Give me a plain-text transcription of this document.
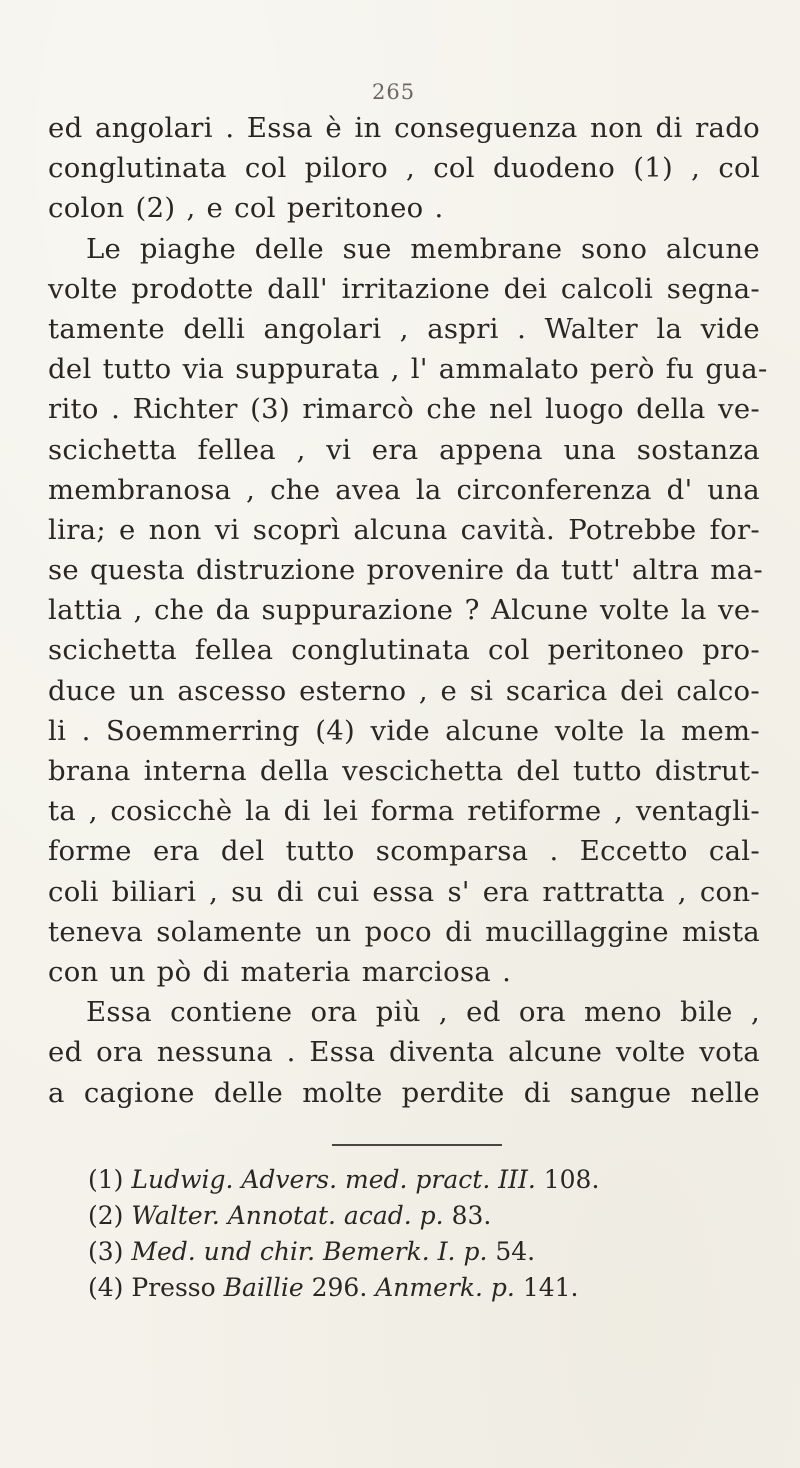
265
ed angolari . Essa è in conseguenza non di rado
conglutinata col piloro , col duodeno (1) , col
colon (2) , e col peritoneo .
Le piaghe delle sue membrane sono alcune
volte prodotte dall' irritazione dei calcoli segna-
tamente delli angolari , aspri . Walter la vide
del tutto via suppurata , l' ammalato però fu gua-
rito . Richter (3) rimarcò che nel luogo della ve-
scichetta fellea , vi era appena una sostanza
membranosa , che avea la circonferenza d' una
lira; e non vi scoprì alcuna cavità. Potrebbe for-
se questa distruzione provenire da tutt' altra ma-
lattia , che da suppurazione ? Alcune volte la ve-
scichetta fellea conglutinata col peritoneo pro-
duce un ascesso esterno , e si scarica dei calco-
li . Soemmerring (4) vide alcune volte la mem-
brana interna della vescichetta del tutto distrut-
ta , cosicchè la di lei forma retiforme , ventagli-
forme era del tutto scomparsa . Eccetto cal-
coli biliari , su di cui essa s' era rattratta , con-
teneva solamente un poco di mucillaggine mista
con un pò di materia marciosa .
Essa contiene ora più , ed ora meno bile ,
ed ora nessuna . Essa diventa alcune volte vota
a cagione delle molte perdite di sangue nelle
(1) Ludwig. Advers. med. pract. III. 108.
(2) Walter. Annotat. acad. p. 83.
(3) Med. und chir. Bemerk. I. p. 54.
(4) Presso Baillie 296. Anmerk. p. 141.
